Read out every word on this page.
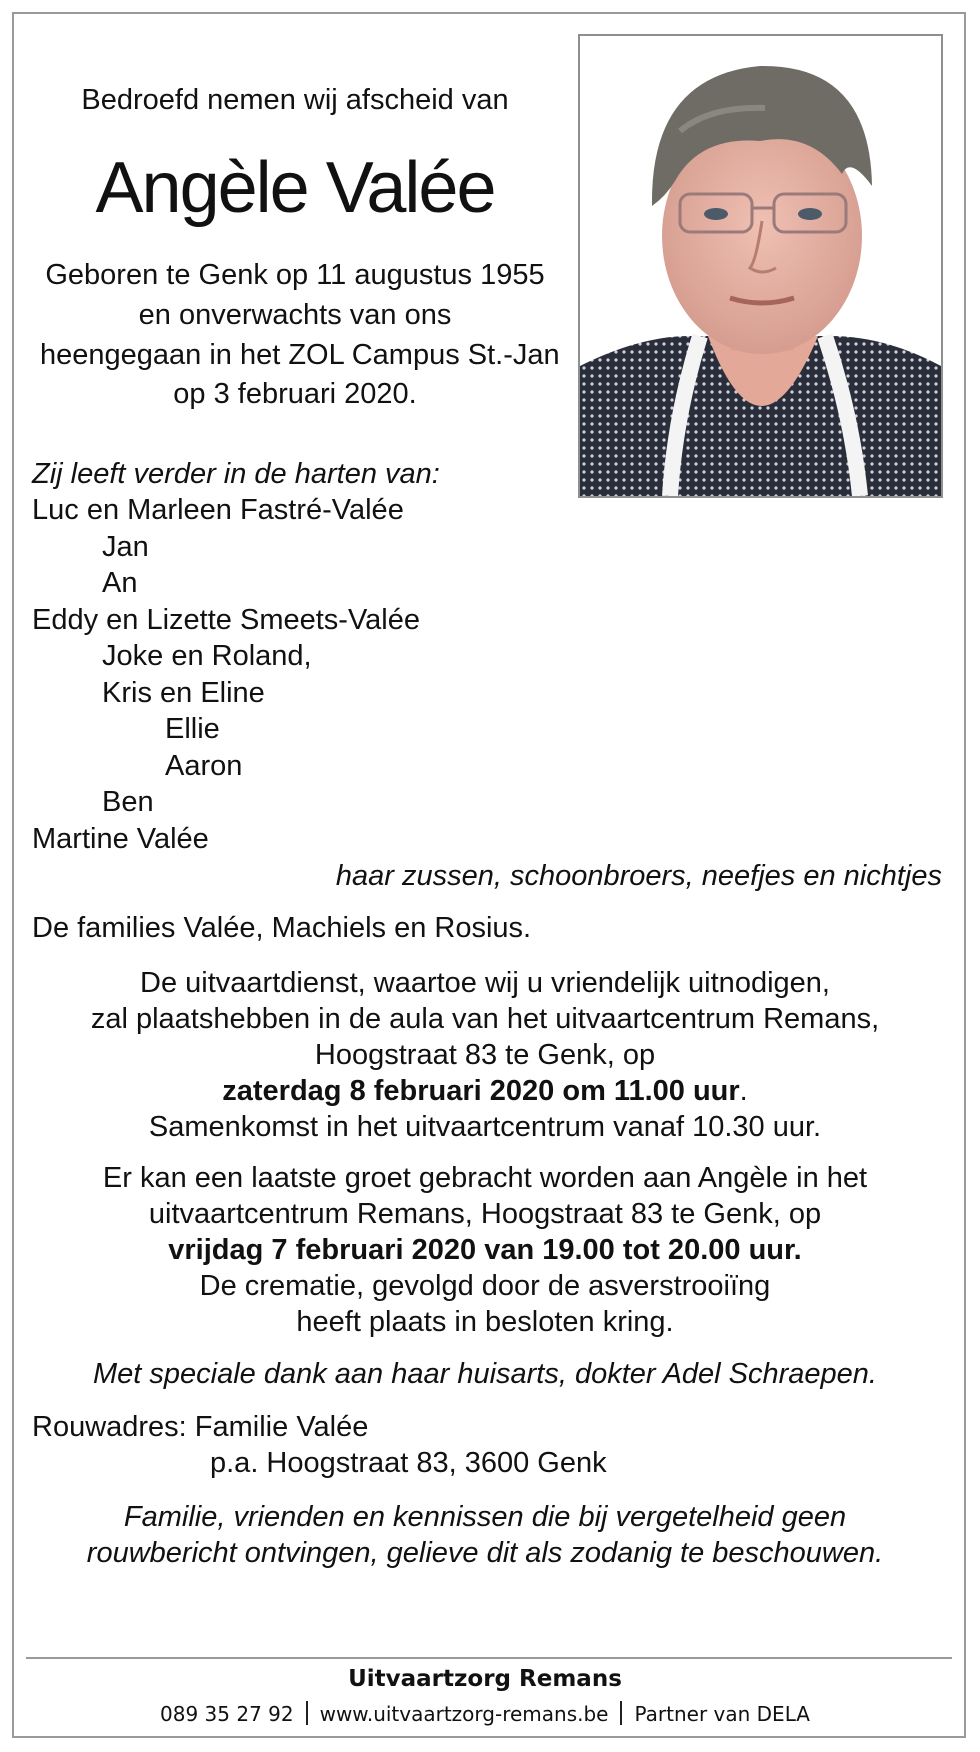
Bedroefd nemen wij afscheid van
Angèle Valée
Geboren te Genk op 11 augustus 1955
en onverwachts van ons
heengegaan in het ZOL Campus St.-Jan
op 3 februari 2020.
Zij leeft verder in de harten van:
Luc en Marleen Fastré-Valée
Jan
An
Eddy en Lizette Smeets-Valée
Joke en Roland,
Kris en Eline
Ellie
Aaron
Ben
Martine Valée
haar zussen, schoonbroers, neefjes en nichtjes
De families Valée, Machiels en Rosius.
De uitvaartdienst, waartoe wij u vriendelijk uitnodigen,
zal plaatshebben in de aula van het uitvaartcentrum Remans,
Hoogstraat 83 te Genk, op
zaterdag 8 februari 2020 om 11.00 uur.
Samenkomst in het uitvaartcentrum vanaf 10.30 uur.
Er kan een laatste groet gebracht worden aan Angèle in het
uitvaartcentrum Remans, Hoogstraat 83 te Genk, op
vrijdag 7 februari 2020 van 19.00 tot 20.00 uur.
De crematie, gevolgd door de asverstrooiïng
heeft plaats in besloten kring.
Met speciale dank aan haar huisarts, dokter Adel Schraepen.
Rouwadres: Familie Valée
p.a. Hoogstraat 83, 3600 Genk
Familie, vrienden en kennissen die bij vergetelheid geen
rouwbericht ontvingen, gelieve dit als zodanig te beschouwen.
Uitvaartzorg Remans
089 35 27 92 www.uitvaartzorg-remans.be Partner van DELA
